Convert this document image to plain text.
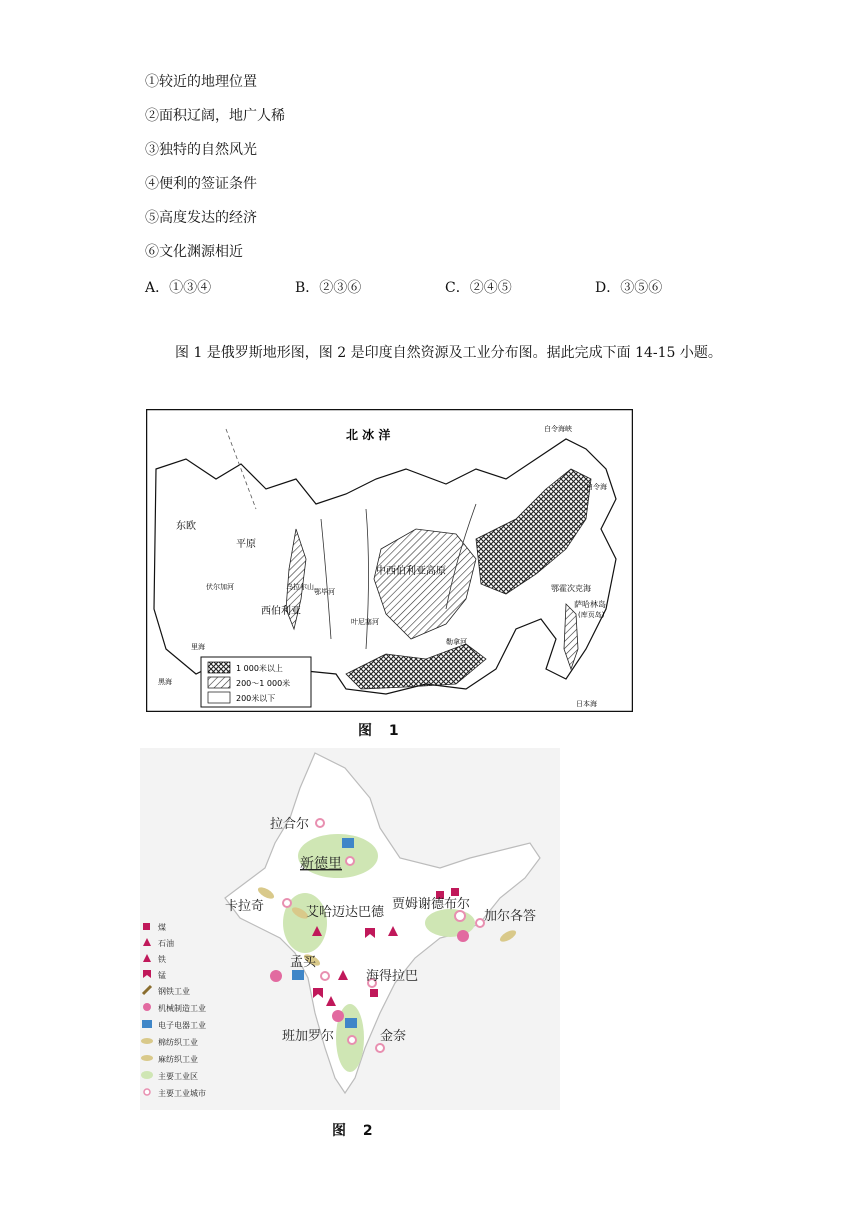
①较近的地理位置
②面积辽阔，地广人稀
③独特的自然风光
④便利的签证条件
⑤高度发达的经济
⑥文化渊源相近
A．①③④	B．②③⑥	C．②④⑤	D．③⑤⑥
图 1 是俄罗斯地形图，图 2 是印度自然资源及工业分布图。据此完成下面 14-15 小题。
北 冰 洋	白令海峡
白令海
鄂霍次克海
萨哈林岛
(库页岛)
日本海
东欧
平原
西伯利亚
中西伯利亚高原
乌拉尔山
叶尼塞河
勒拿河
鄂毕河
伏尔加河
里海
黑海
1 000米以上
200～1 000米
200米以下
图 1
拉合尔
新德里
卡拉奇	艾哈迈达巴德
贾姆谢德布尔
加尔各答
孟买
海得拉巴
班加罗尔	金奈
煤
石油
铁
锰
钢铁工业
机械制造工业
电子电器工业
棉纺织工业
麻纺织工业
主要工业区
主要工业城市
图 2
